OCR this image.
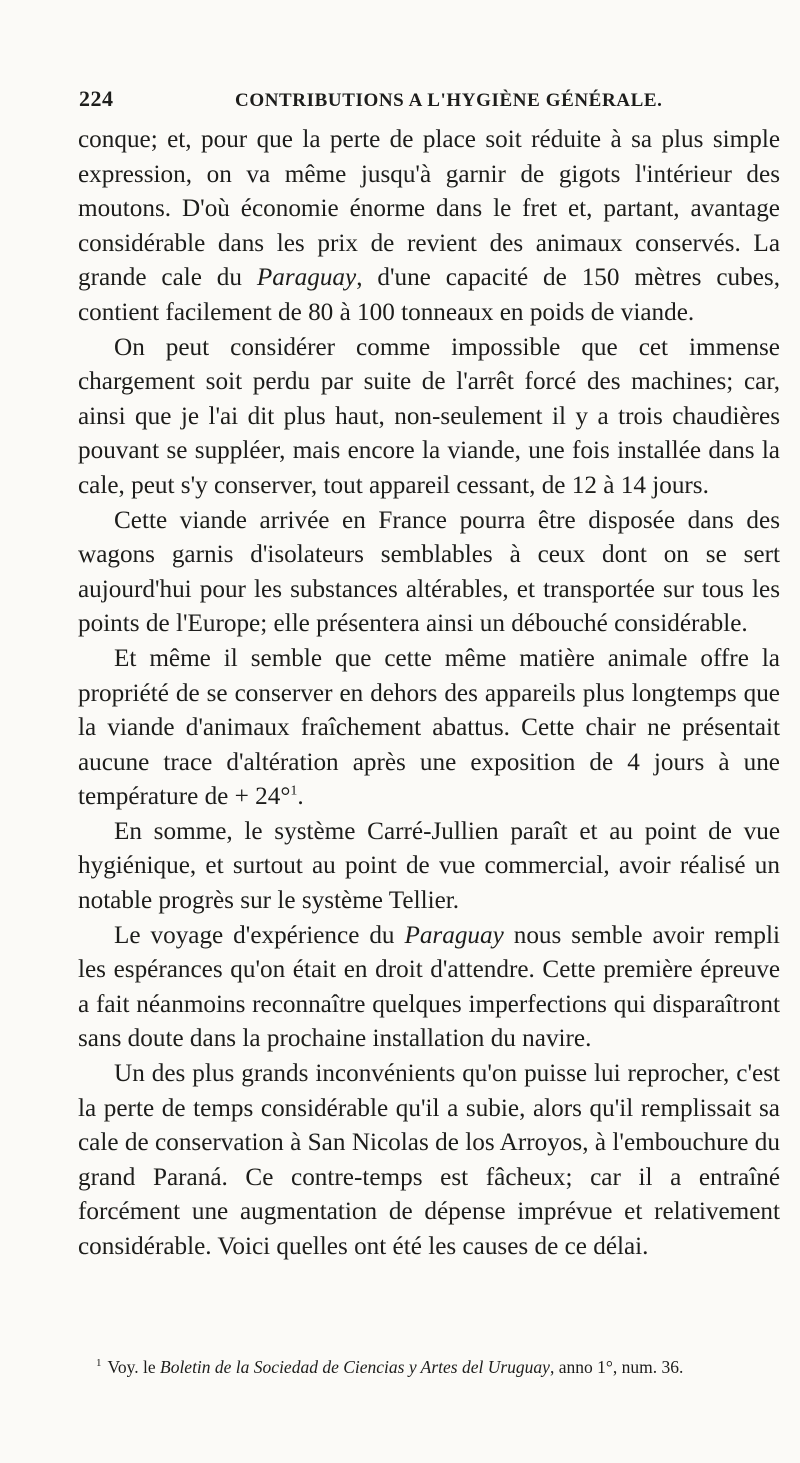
224	CONTRIBUTIONS A L'HYGIÈNE GÉNÉRALE.

conque; et, pour que la perte de place soit réduite à sa plus simple expression, on va même jusqu'à garnir de gigots l'intérieur des moutons. D'où économie énorme dans le fret et, partant, avantage considérable dans les prix de revient des animaux conservés. La grande cale du Paraguay, d'une capacité de 150 mètres cubes, contient facilement de 80 à 100 tonneaux en poids de viande.

On peut considérer comme impossible que cet immense chargement soit perdu par suite de l'arrêt forcé des machines; car, ainsi que je l'ai dit plus haut, non-seulement il y a trois chaudières pouvant se suppléer, mais encore la viande, une fois installée dans la cale, peut s'y conserver, tout appareil cessant, de 12 à 14 jours.

Cette viande arrivée en France pourra être disposée dans des wagons garnis d'isolateurs semblables à ceux dont on se sert aujourd'hui pour les substances altérables, et transportée sur tous les points de l'Europe; elle présentera ainsi un débouché considérable.

Et même il semble que cette même matière animale offre la propriété de se conserver en dehors des appareils plus longtemps que la viande d'animaux fraîchement abattus. Cette chair ne présentait aucune trace d'altération après une exposition de 4 jours à une température de + 24°$^1$.

En somme, le système Carré-Jullien paraît et au point de vue hygiénique, et surtout au point de vue commercial, avoir réalisé un notable progrès sur le système Tellier.

Le voyage d'expérience du Paraguay nous semble avoir rempli les espérances qu'on était en droit d'attendre. Cette première épreuve a fait néanmoins reconnaître quelques imperfections qui disparaîtront sans doute dans la prochaine installation du navire.

Un des plus grands inconvénients qu'on puisse lui reprocher, c'est la perte de temps considérable qu'il a subie, alors qu'il remplissait sa cale de conservation à San Nicolas de los Arroyos, à l'embouchure du grand Paraná. Ce contre-temps est fâcheux; car il a entraîné forcément une augmentation de dépense imprévue et relativement considérable. Voici quelles ont été les causes de ce délai.

$^1$ Voy. le Boletin de la Sociedad de Ciencias y Artes del Uruguay, anno 1°, num. 36.
